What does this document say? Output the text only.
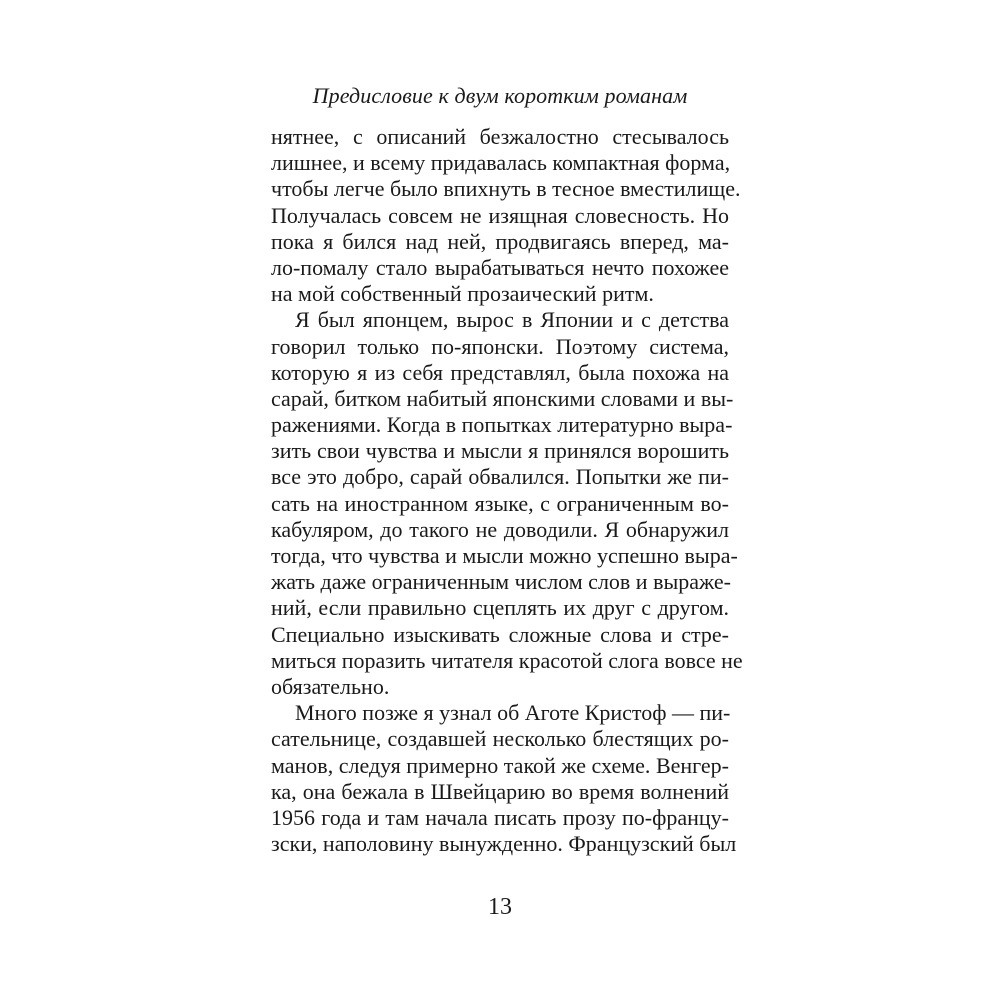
Предисловие к двум коротким романам
нятнее, с описаний безжалостно стесывалось
лишнее, и всему придавалась компактная форма,
чтобы легче было впихнуть в тесное вместилище.
Получалась совсем не изящная словесность. Но
пока я бился над ней, продвигаясь вперед, ма-
ло-помалу стало вырабатываться нечто похожее
на мой собственный прозаический ритм.
Я был японцем, вырос в Японии и с детства
говорил только по-японски. Поэтому система,
которую я из себя представлял, была похожа на
сарай, битком набитый японскими словами и вы-
ражениями. Когда в попытках литературно выра-
зить свои чувства и мысли я принялся ворошить
все это добро, сарай обвалился. Попытки же пи-
сать на иностранном языке, с ограниченным во-
кабуляром, до такого не доводили. Я обнаружил
тогда, что чувства и мысли можно успешно выра-
жать даже ограниченным числом слов и выраже-
ний, если правильно сцеплять их друг с другом.
Специально изыскивать сложные слова и стре-
миться поразить читателя красотой слога вовсе не
обязательно.
Много позже я узнал об Аготе Кристоф — пи-
сательнице, создавшей несколько блестящих ро-
манов, следуя примерно такой же схеме. Венгер-
ка, она бежала в Швейцарию во время волнений
1956 года и там начала писать прозу по-францу-
зски, наполовину вынужденно. Французский был
13
